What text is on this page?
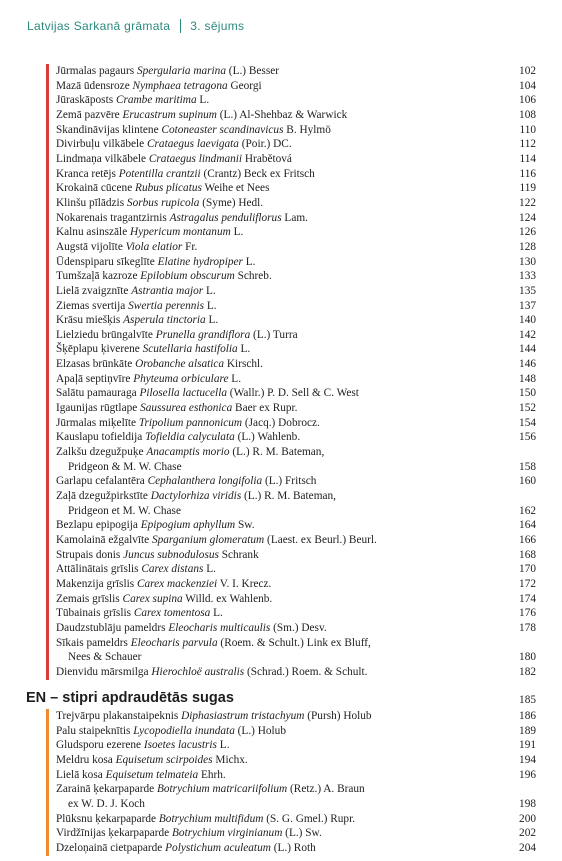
Latvijas Sarkanā grāmata 3. sējums
Jūrmalas pagaurs Spergularia marina (L.) Besser	102
Mazā ūdensroze Nymphaea tetragona Georgi	104
Jūraskāposts Crambe maritima L.	106
Zemā pazvēre Erucastrum supinum (L.) Al-Shehbaz & Warwick	108
Skandināvijas klintene Cotoneaster scandinavicus B. Hylmö	110
Divirbuļu vilkābele Crataegus laevigata (Poir.) DC.	112
Lindmaņa vilkābele Crataegus lindmanii Hrabětová	114
Kranca retējs Potentilla crantzii (Crantz) Beck ex Fritsch	116
Krokainā cūcene Rubus plicatus Weihe et Nees	119
Klinšu pīlādzis Sorbus rupicola (Syme) Hedl.	122
Nokarenais tragantzirnis Astragalus penduliflorus Lam.	124
Kalnu asinszāle Hypericum montanum L.	126
Augstā vijolīte Viola elatior Fr.	128
Ūdenspiparu sīkeglīte Elatine hydropiper L.	130
Tumšzaļā kazroze Epilobium obscurum Schreb.	133
Lielā zvaigznīte Astrantia major L.	135
Ziemas svertija Swertia perennis L.	137
Krāsu miešķis Asperula tinctoria L.	140
Lielziedu brūngalvīte Prunella grandiflora (L.) Turra	142
Šķēplapu ķiverene Scutellaria hastifolia L.	144
Elzasas brūnkāte Orobanche alsatica Kirschl.	146
Apaļā septiņvīre Phyteuma orbiculare L.	148
Salātu pamauraga Pilosella lactucella (Wallr.) P. D. Sell & C. West	150
Igaunijas rūgtlape Saussurea esthonica Baer ex Rupr.	152
Jūrmalas miķelīte Tripolium pannonicum (Jacq.) Dobrocz.	154
Kauslapu tofieldija Tofieldia calyculata (L.) Wahlenb.	156
Zalkšu dzegužpuķe Anacamptis morio (L.) R. M. Bateman,
Pridgeon & M. W. Chase	158
Garlapu cefalantēra Cephalanthera longifolia (L.) Fritsch	160
Zaļā dzegužpirkstīte Dactylorhiza viridis (L.) R. M. Bateman,
Pridgeon et M. W. Chase	162
Bezlapu epipogija Epipogium aphyllum Sw.	164
Kamolainā ežgalvīte Sparganium glomeratum (Laest. ex Beurl.) Beurl.	166
Strupais donis Juncus subnodulosus Schrank	168
Attālinātais grīslis Carex distans L.	170
Makenzija grīslis Carex mackenziei V. I. Krecz.	172
Zemais grīslis Carex supina Willd. ex Wahlenb.	174
Tūbainais grīslis Carex tomentosa L.	176
Daudzstublāju pameldrs Eleocharis multicaulis (Sm.) Desv.	178
Sīkais pameldrs Eleocharis parvula (Roem. & Schult.) Link ex Bluff,
Nees & Schauer	180
Dienvidu mārsmilga Hierochloë australis (Schrad.) Roem. & Schult.	182
EN – stipri apdraudētās sugas	185
Trejvārpu plakanstaipeknis Diphasiastrum tristachyum (Pursh) Holub	186
Palu staipeknītis Lycopodiella inundata (L.) Holub	189
Gludsporu ezerene Isoetes lacustris L.	191
Meldru kosa Equisetum scirpoides Michx.	194
Lielā kosa Equisetum telmateia Ehrh.	196
Zarainā ķekarpaparde Botrychium matricariifolium (Retz.) A. Braun
ex W. D. J. Koch	198
Plūksnu ķekarpaparde Botrychium multifidum (S. G. Gmel.) Rupr.	200
Virdžīnijas ķekarpaparde Botrychium virginianum (L.) Sw.	202
Dzeloņainā cietpaparde Polystichum aculeatum (L.) Roth	204
